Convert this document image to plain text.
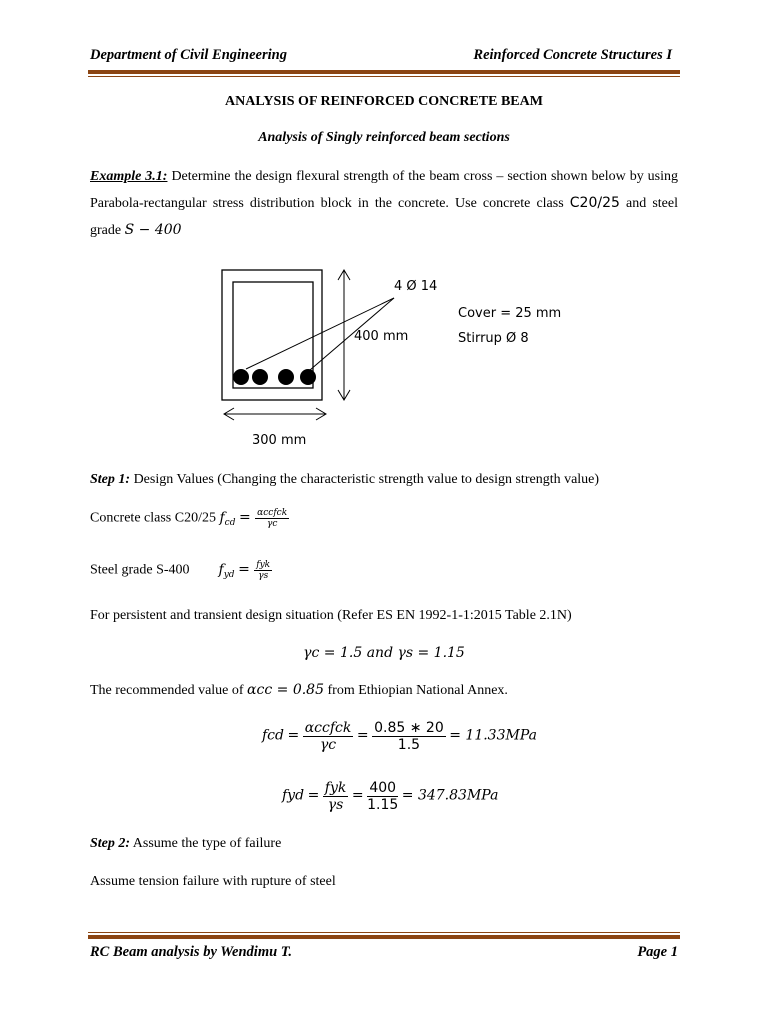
Department of Civil Engineering	Reinforced Concrete Structures I
ANALYSIS OF REINFORCED CONCRETE BEAM
Analysis of Singly reinforced beam sections
Example 3.1: Determine the design flexural strength of the beam cross – section shown below by using Parabola-rectangular stress distribution block in the concrete. Use concrete class C20/25 and steel grade S − 400
4 Ø 14
400 mm
300 mm
Cover = 25 mm
Stirrup Ø 8
Step 1: Design Values (Changing the characteristic strength value to design strength value)
Concrete class C20/25 $f_{cd} = \frac{\text{αccfck}}{\gamma c}$
Steel grade S-400 $f_{yd} = \frac{\text{fyk}}{\gamma s}$
For persistent and transient design situation (Refer ES EN 1992-1-1:2015 Table 2.1N)
γc = 1.5 and γs = 1.15
The recommended value of αcc = 0.85 from Ethiopian National Annex.
fcd = $\frac{\text{αccfck}}{\gamma c} = \frac{0.85 ∗ 20}{1.5} = 11.33MPa$
fyd = $\frac{\text{fyk}}{\gamma s} = \frac{400}{1.15} = 347.83MPa$
Step 2: Assume the type of failure
Assume tension failure with rupture of steel
RC Beam analysis by Wendimu T.	Page 1
